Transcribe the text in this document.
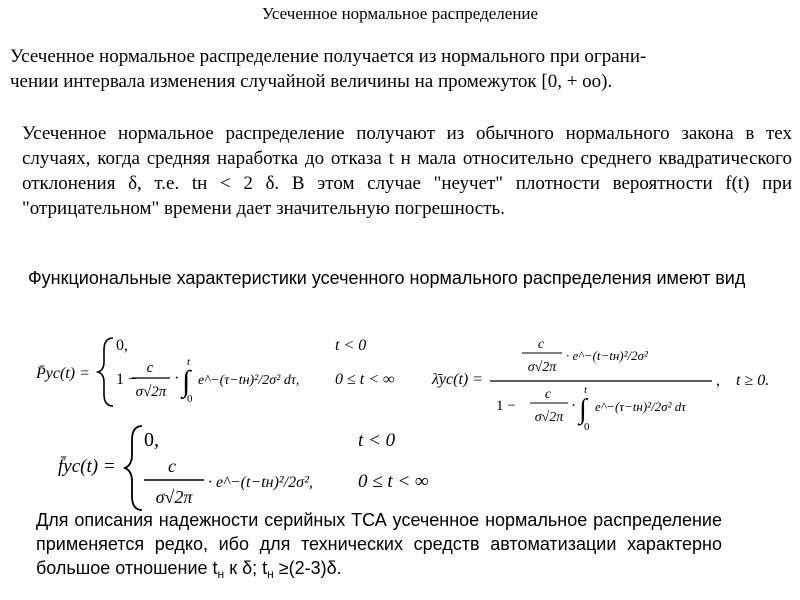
Усеченное нормальное распределение
Усеченное нормальное распределение получается из нормального при ограни-
чении интервала изменения случайной величины на промежуток [0, + оо).
Усеченное нормальное распределение получают из обычного нормального закона в тех случаях, когда средняя наработка до отказа t н мала относительно среднего квадратического отклонения δ, т.е. tн < 2 δ. В этом случае "неучет" плотности вероятности f(t) при "отрицательном" времени дает значительную погрешность.
Функциональные характеристики усеченного нормального распределения имеют вид
P̄ус(t) =
0,	t < 0
1 −
c
σ√2π
· ∫
t
0
e^−(τ−tн)²/2σ² dτ, 0 ≤ t < ∞ λ̄ус(t) =
c
σ√2π
· e^−(t−tн)²/2σ²
1 −
c
σ√2π
· ∫
t
0
e^−(τ−tн)²/2σ² dτ
, t ≥ 0.
f̄ус(t) =
0,	t < 0
c
σ√2π
· e^−(t−tн)²/2σ², 0 ≤ t < ∞
Для описания надежности серийных ТСА усеченное нормальное распределение применяется редко, ибо для технических средств автоматизации характерно большое отношение $t_н$ к δ; $t_н \ge(2-3)\delta$.
